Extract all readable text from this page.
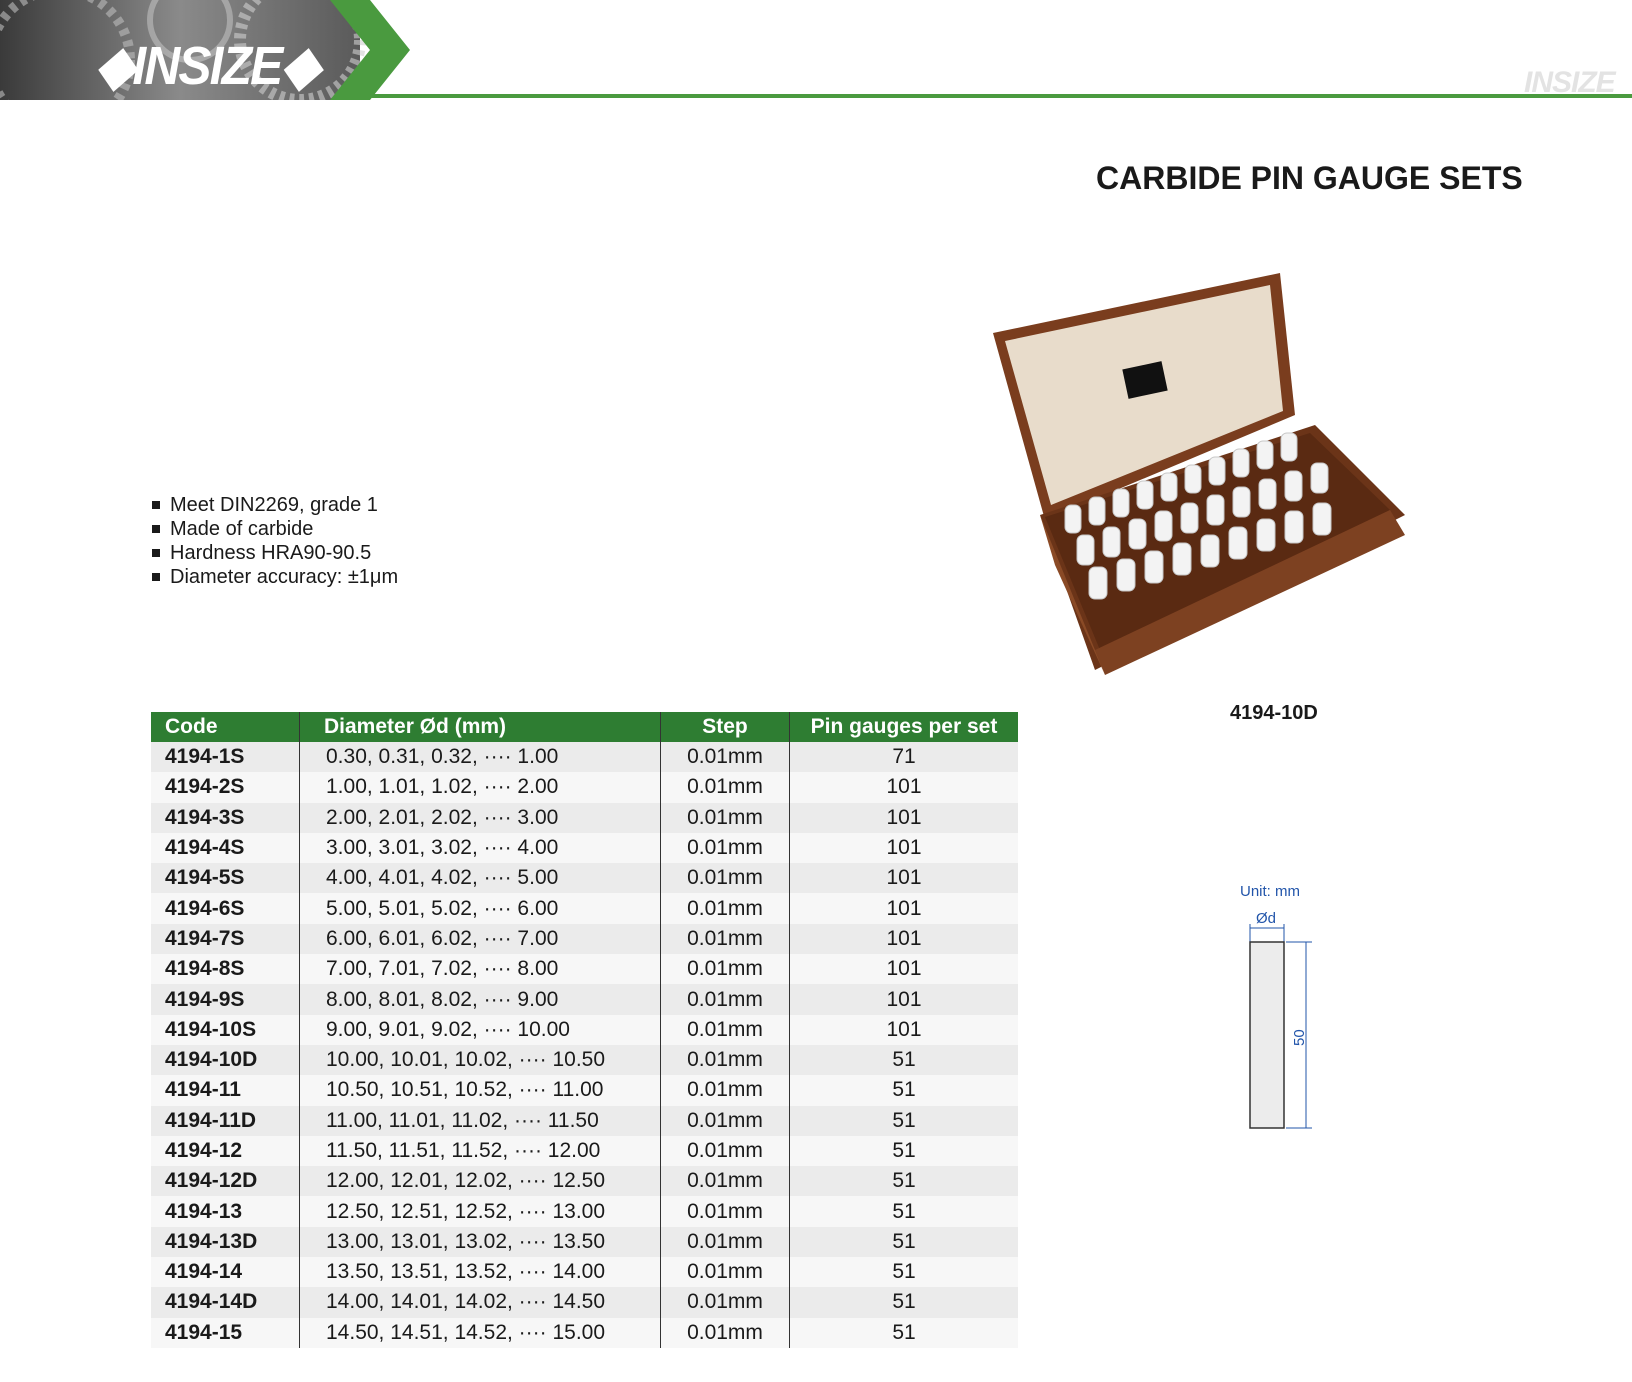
◆INSIZE◆	INSIZE
CARBIDE PIN GAUGE SETS
Meet DIN2269, grade 1
Made of carbide
Hardness HRA90-90.5
Diameter accuracy: ±1μm
4194-10D
Code	Diameter Ød (mm)	Step	Pin gauges per set
4194-1S	0.30, 0.31, 0.32, ···· 1.00	0.01mm	71
4194-2S	1.00, 1.01, 1.02, ···· 2.00	0.01mm	101
4194-3S	2.00, 2.01, 2.02, ···· 3.00	0.01mm	101
4194-4S	3.00, 3.01, 3.02, ···· 4.00	0.01mm	101
4194-5S	4.00, 4.01, 4.02, ···· 5.00	0.01mm	101
4194-6S	5.00, 5.01, 5.02, ···· 6.00	0.01mm	101
4194-7S	6.00, 6.01, 6.02, ···· 7.00	0.01mm	101
4194-8S	7.00, 7.01, 7.02, ···· 8.00	0.01mm	101
4194-9S	8.00, 8.01, 8.02, ···· 9.00	0.01mm	101
4194-10S	9.00, 9.01, 9.02, ···· 10.00	0.01mm	101
4194-10D	10.00, 10.01, 10.02, ···· 10.50	0.01mm	51
4194-11	10.50, 10.51, 10.52, ···· 11.00	0.01mm	51
4194-11D	11.00, 11.01, 11.02, ···· 11.50	0.01mm	51
4194-12	11.50, 11.51, 11.52, ···· 12.00	0.01mm	51
4194-12D	12.00, 12.01, 12.02, ···· 12.50	0.01mm	51
4194-13	12.50, 12.51, 12.52, ···· 13.00	0.01mm	51
4194-13D	13.00, 13.01, 13.02, ···· 13.50	0.01mm	51
4194-14	13.50, 13.51, 13.52, ···· 14.00	0.01mm	51
4194-14D	14.00, 14.01, 14.02, ···· 14.50	0.01mm	51
4194-15	14.50, 14.51, 14.52, ···· 15.00	0.01mm	51
Unit: mm
Ød
50
